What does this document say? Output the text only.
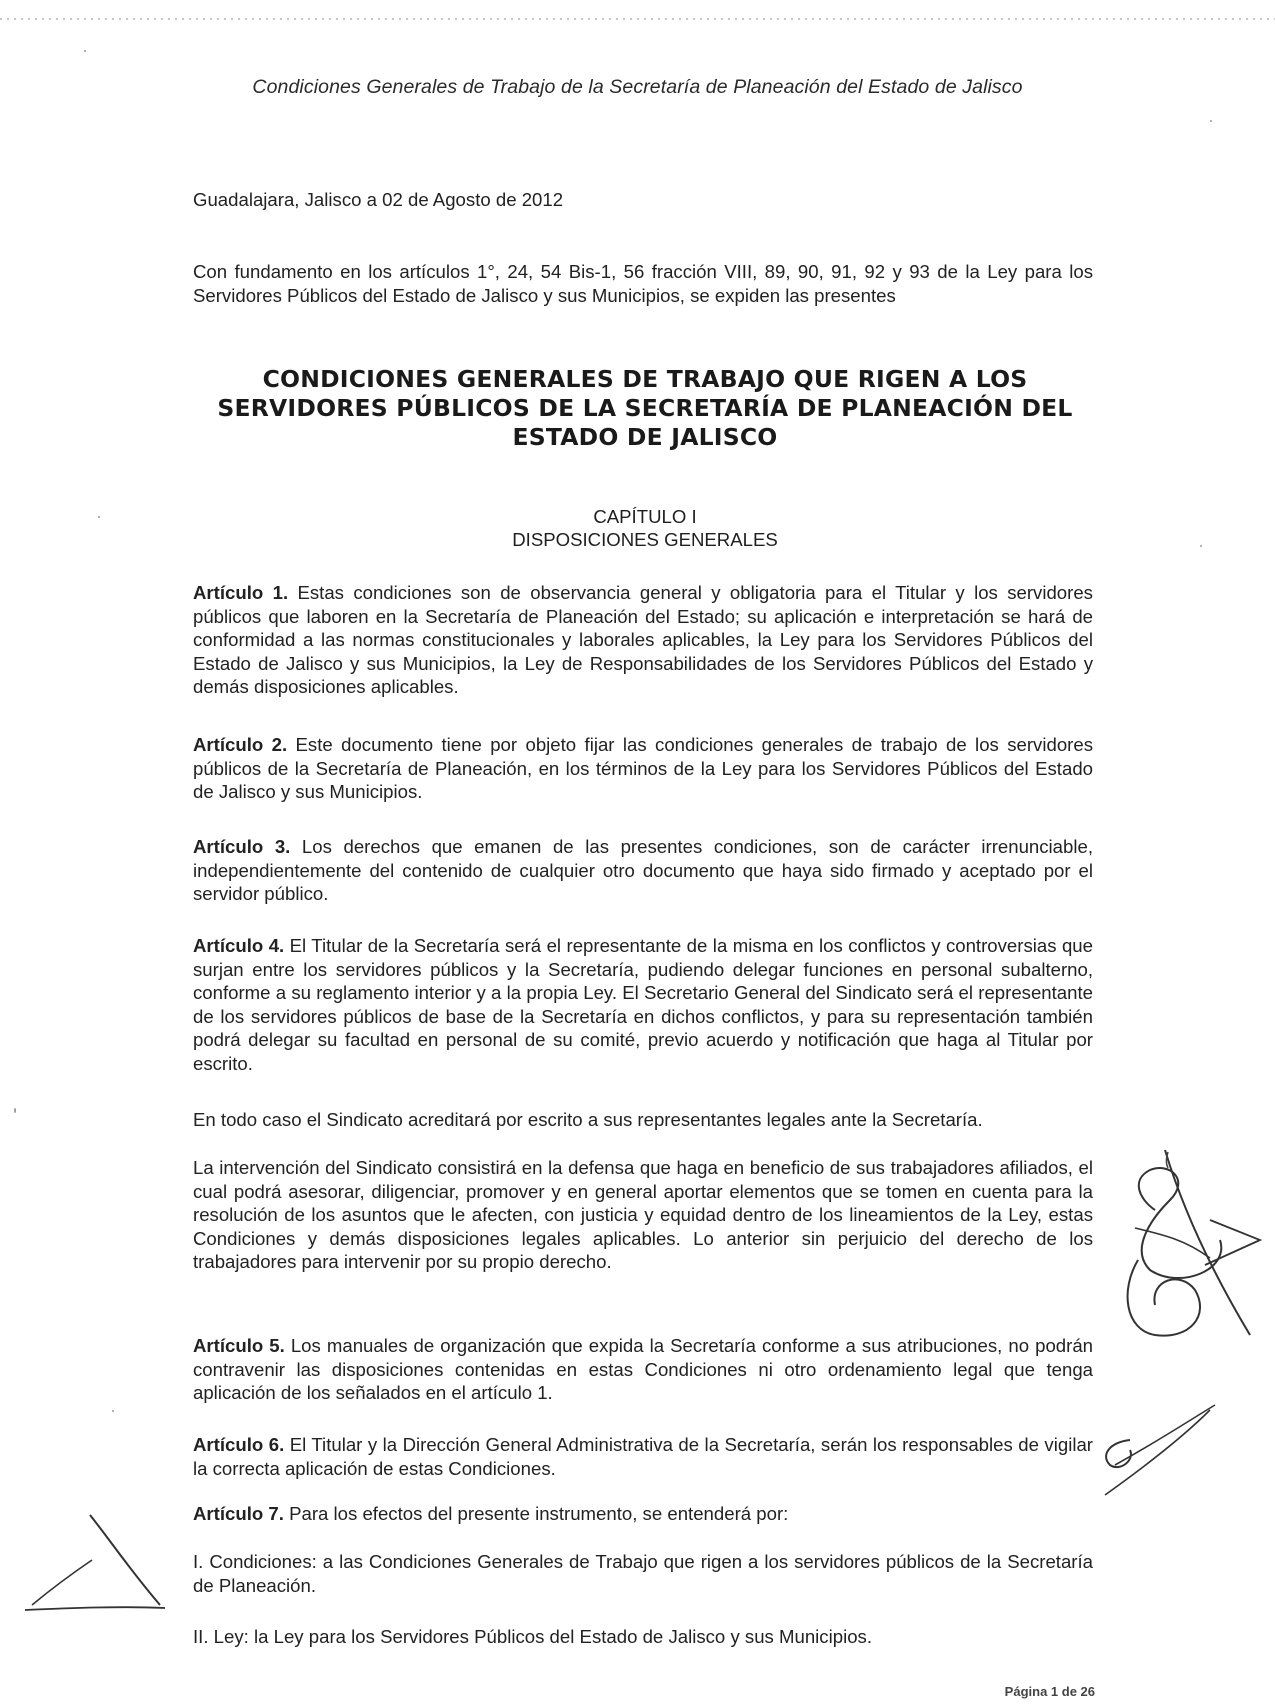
Condiciones Generales de Trabajo de la Secretaría de Planeación del Estado de Jalisco
Guadalajara, Jalisco a 02 de Agosto de 2012
Con fundamento en los artículos 1°, 24, 54 Bis-1, 56 fracción VIII, 89, 90, 91, 92 y 93 de la Ley para los Servidores Públicos del Estado de Jalisco y sus Municipios, se expiden las presentes
CONDICIONES GENERALES DE TRABAJO QUE RIGEN A LOS
SERVIDORES PÚBLICOS DE LA SECRETARÍA DE PLANEACIÓN DEL
ESTADO DE JALISCO
CAPÍTULO I
DISPOSICIONES GENERALES
Artículo 1. Estas condiciones son de observancia general y obligatoria para el Titular y los servidores públicos que laboren en la Secretaría de Planeación del Estado; su aplicación e interpretación se hará de conformidad a las normas constitucionales y laborales aplicables, la Ley para los Servidores Públicos del Estado de Jalisco y sus Municipios, la Ley de Responsabilidades de los Servidores Públicos del Estado y demás disposiciones aplicables.
Artículo 2. Este documento tiene por objeto fijar las condiciones generales de trabajo de los servidores públicos de la Secretaría de Planeación, en los términos de la Ley para los Servidores Públicos del Estado de Jalisco y sus Municipios.
Artículo 3. Los derechos que emanen de las presentes condiciones, son de carácter irrenunciable, independientemente del contenido de cualquier otro documento que haya sido firmado y aceptado por el servidor público.
Artículo 4. El Titular de la Secretaría será el representante de la misma en los conflictos y controversias que surjan entre los servidores públicos y la Secretaría, pudiendo delegar funciones en personal subalterno, conforme a su reglamento interior y a la propia Ley. El Secretario General del Sindicato será el representante de los servidores públicos de base de la Secretaría en dichos conflictos, y para su representación también podrá delegar su facultad en personal de su comité, previo acuerdo y notificación que haga al Titular por escrito.
En todo caso el Sindicato acreditará por escrito a sus representantes legales ante la Secretaría.
La intervención del Sindicato consistirá en la defensa que haga en beneficio de sus trabajadores afiliados, el cual podrá asesorar, diligenciar, promover y en general aportar elementos que se tomen en cuenta para la resolución de los asuntos que le afecten, con justicia y equidad dentro de los lineamientos de la Ley, estas Condiciones y demás disposiciones legales aplicables. Lo anterior sin perjuicio del derecho de los trabajadores para intervenir por su propio derecho.
Artículo 5. Los manuales de organización que expida la Secretaría conforme a sus atribuciones, no podrán contravenir las disposiciones contenidas en estas Condiciones ni otro ordenamiento legal que tenga aplicación de los señalados en el artículo 1.
Artículo 6. El Titular y la Dirección General Administrativa de la Secretaría, serán los responsables de vigilar la correcta aplicación de estas Condiciones.
Artículo 7. Para los efectos del presente instrumento, se entenderá por:
I. Condiciones: a las Condiciones Generales de Trabajo que rigen a los servidores públicos de la Secretaría de Planeación.
II. Ley: la Ley para los Servidores Públicos del Estado de Jalisco y sus Municipios.
Página 1 de 26
